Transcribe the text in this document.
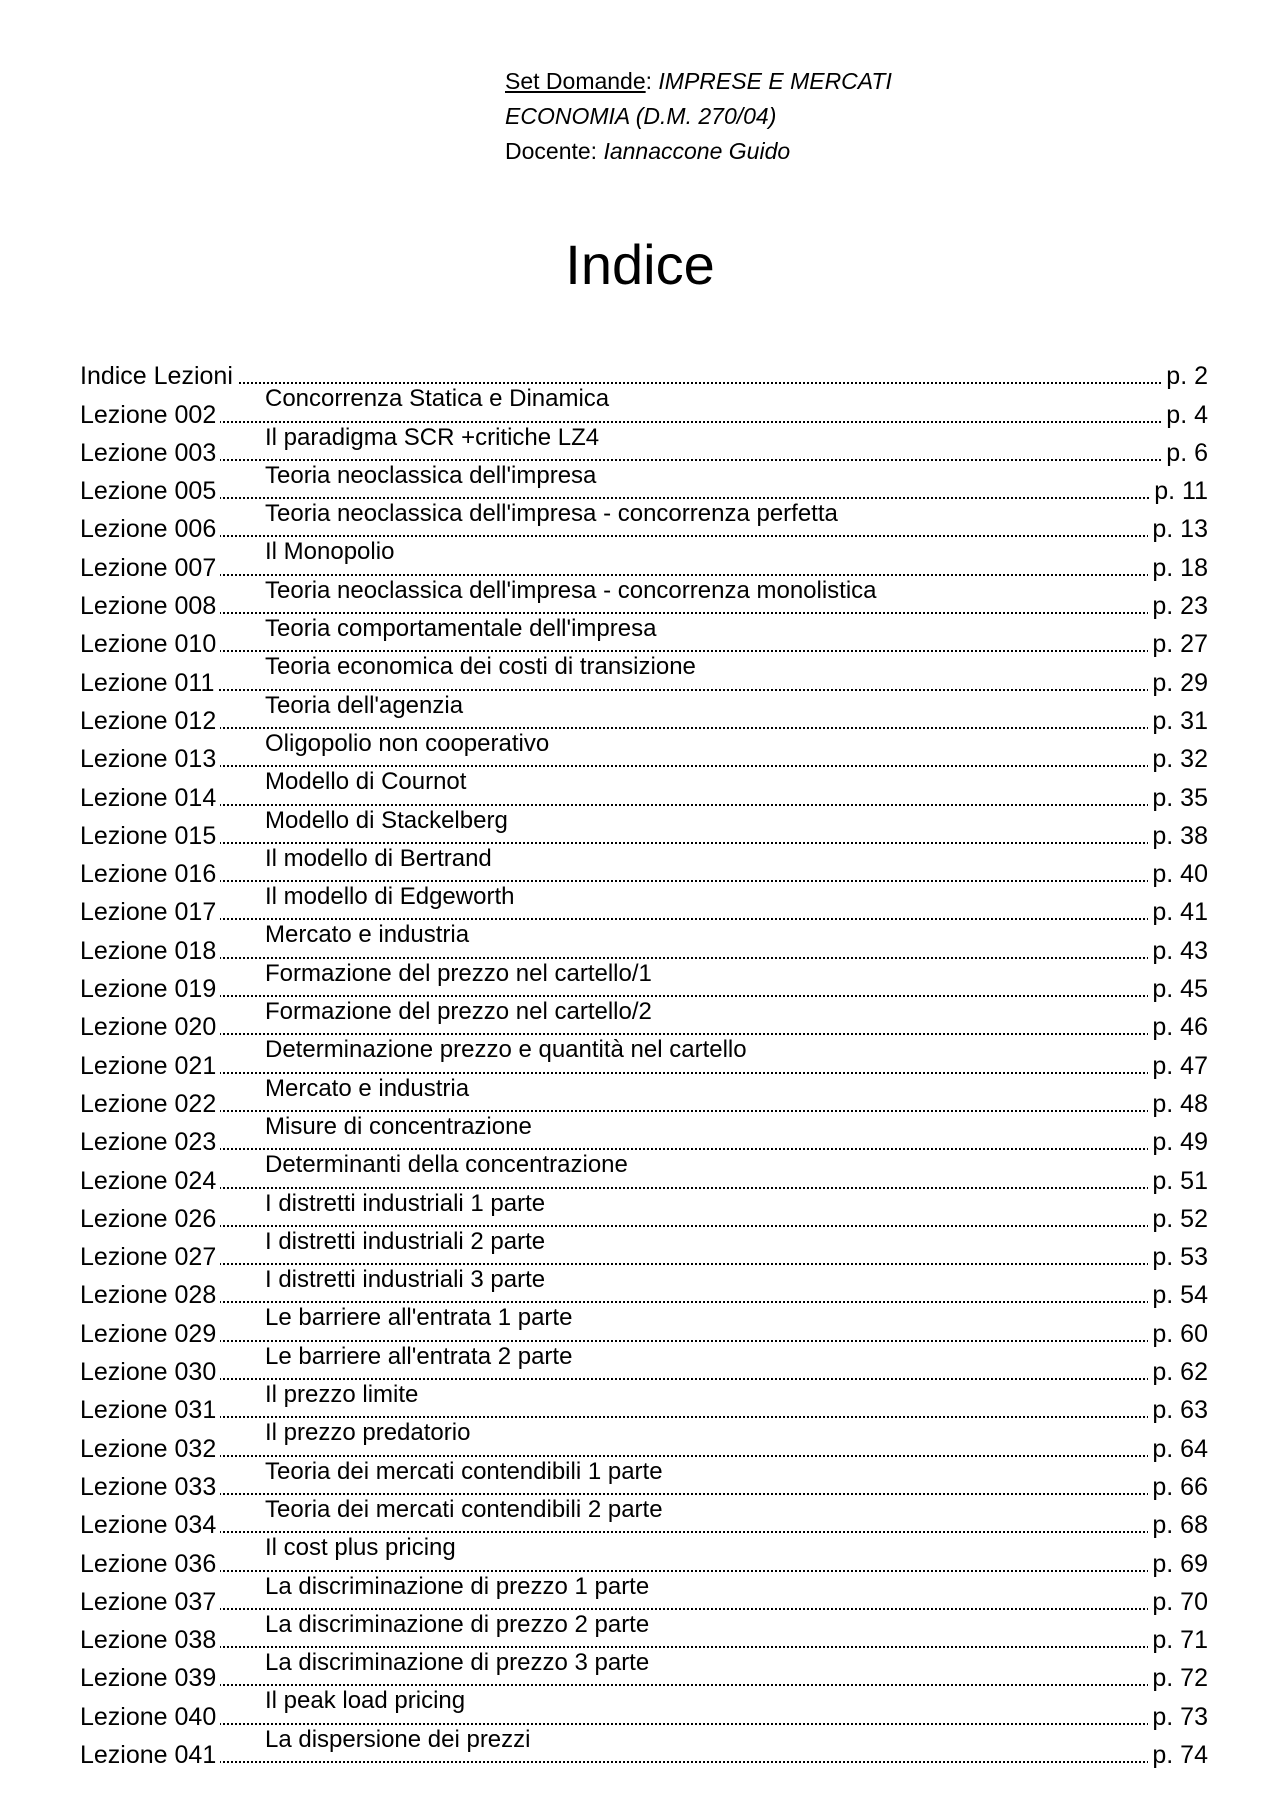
Set Domande: IMPRESE E MERCATI
ECONOMIA (D.M. 270/04)
Docente: Iannaccone Guido
Indice
Indice Lezioni	p. 2
Lezione 002
Concorrenza Statica e Dinamica
p. 4
Lezione 003
Il paradigma SCR +critiche LZ4
p. 6
Lezione 005
Teoria neoclassica dell'impresa
p. 11
Lezione 006
Teoria neoclassica dell'impresa - concorrenza perfetta
p. 13
Lezione 007
Il Monopolio
p. 18
Lezione 008
Teoria neoclassica dell'impresa - concorrenza monolistica
p. 23
Lezione 010
Teoria comportamentale dell'impresa
p. 27
Lezione 011
Teoria economica dei costi di transizione
p. 29
Lezione 012
Teoria dell'agenzia
p. 31
Lezione 013
Oligopolio non cooperativo
p. 32
Lezione 014
Modello di Cournot
p. 35
Lezione 015
Modello di Stackelberg
p. 38
Lezione 016
Il modello di Bertrand
p. 40
Lezione 017
Il modello di Edgeworth
p. 41
Lezione 018
Mercato e industria
p. 43
Lezione 019
Formazione del prezzo nel cartello/1
p. 45
Lezione 020
Formazione del prezzo nel cartello/2
p. 46
Lezione 021
Determinazione prezzo e quantità nel cartello
p. 47
Lezione 022
Mercato e industria
p. 48
Lezione 023
Misure di concentrazione
p. 49
Lezione 024
Determinanti della concentrazione
p. 51
Lezione 026
I distretti industriali 1 parte
p. 52
Lezione 027
I distretti industriali 2 parte
p. 53
Lezione 028
I distretti industriali 3 parte
p. 54
Lezione 029
Le barriere all'entrata 1 parte
p. 60
Lezione 030
Le barriere all'entrata 2 parte
p. 62
Lezione 031
Il prezzo limite
p. 63
Lezione 032
Il prezzo predatorio
p. 64
Lezione 033
Teoria dei mercati contendibili 1 parte
p. 66
Lezione 034
Teoria dei mercati contendibili 2 parte
p. 68
Lezione 036
Il cost plus pricing
p. 69
Lezione 037
La discriminazione di prezzo 1 parte
p. 70
Lezione 038
La discriminazione di prezzo 2 parte
p. 71
Lezione 039
La discriminazione di prezzo 3 parte
p. 72
Lezione 040
Il peak load pricing
p. 73
Lezione 041
La dispersione dei prezzi
p. 74
